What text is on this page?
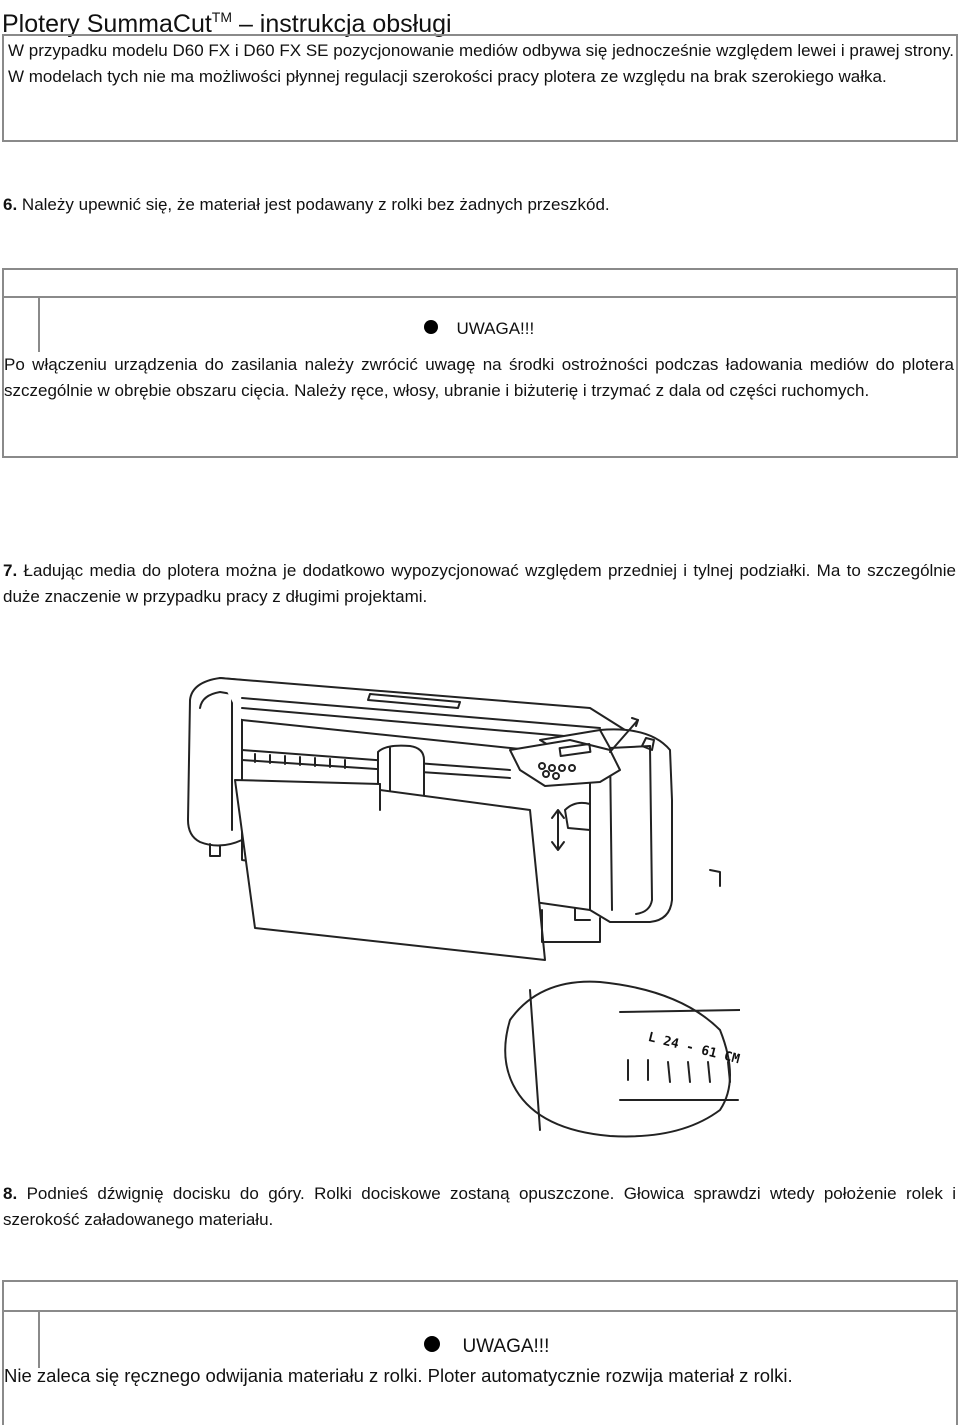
Plotery SummaCut™ – instrukcja obsługi
W przypadku modelu D60 FX i D60 FX SE pozycjonowanie mediów odbywa się jednocześnie względem lewei i prawej strony. W modelach tych nie ma możliwości płynnej regulacji szerokości pracy plotera ze względu na brak szerokiego wałka.
6. Należy upewnić się, że materiał jest podawany z rolki bez żadnych przeszkód.
UWAGA!!!
Po włączeniu urządzenia do zasilania należy zwrócić uwagę na środki ostrożności podczas ładowania mediów do plotera szczególnie w obrębie obszaru cięcia. Należy ręce, włosy, ubranie i biżuterię i trzymać z dala od części ruchomych.
7. Ładując media do plotera można je dodatkowo wypozycjonować względem przedniej i tylnej podziałki. Ma to szczególnie duże znaczenie w przypadku pracy z długimi projektami.
L 24 - 61 CM
8. Podnieś dźwignię docisku do góry. Rolki dociskowe zostaną opuszczone. Głowica sprawdzi wtedy położenie rolek i szerokość załadowanego materiału.
UWAGA!!!
Nie zaleca się ręcznego odwijania materiału z rolki. Ploter automatycznie rozwija materiał z rolki.
